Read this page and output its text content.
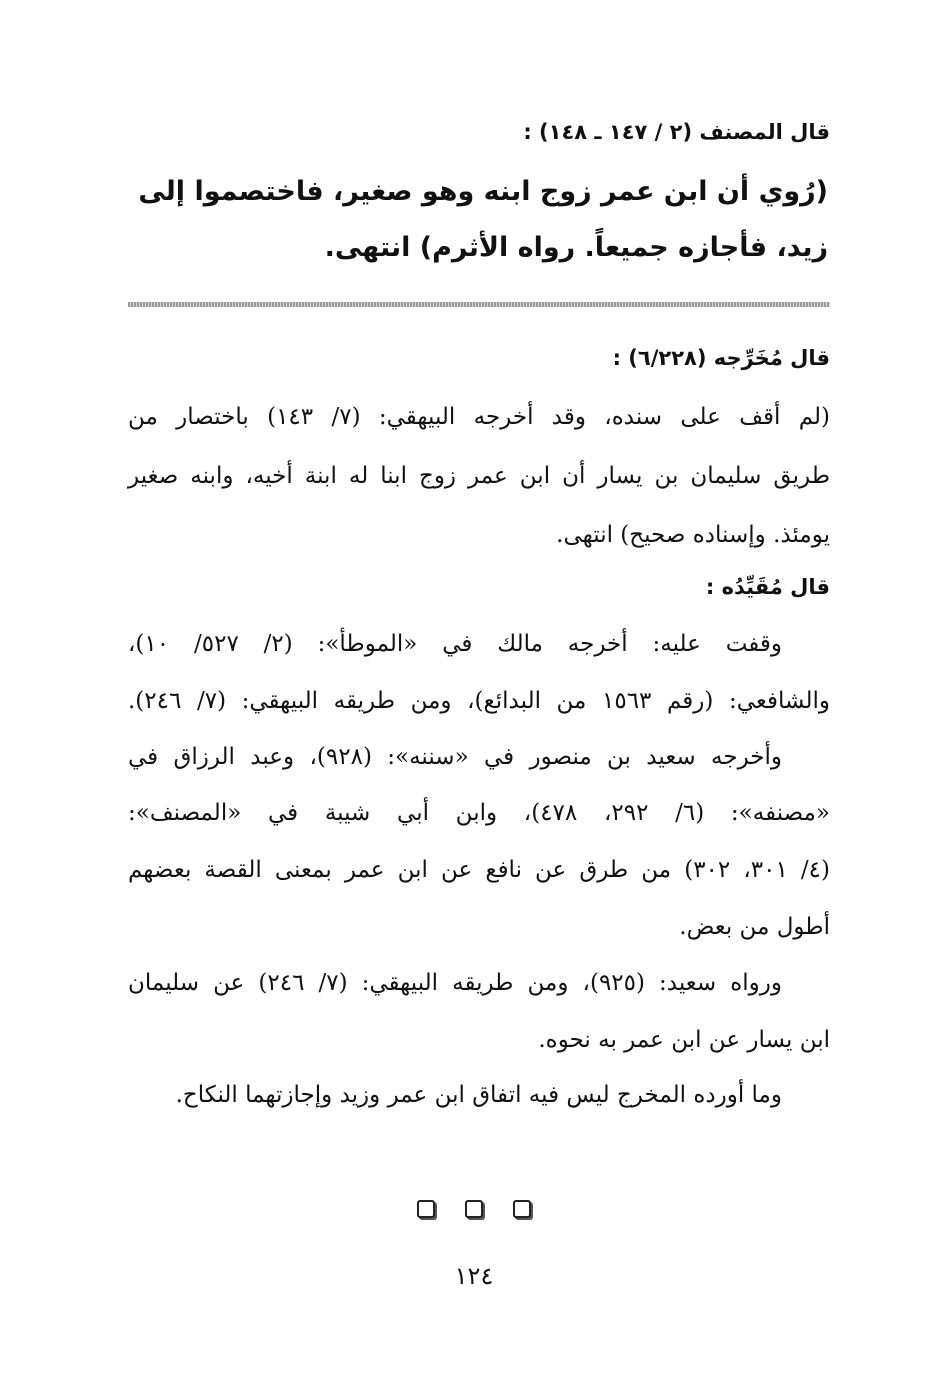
قال المصنف (٢ / ١٤٧ ـ ١٤٨) :
(رُوي أن ابن عمر زوج ابنه وهو صغير، فاختصموا إلى
زيد، فأجازه جميعاً. رواه الأثرم) انتهى.
قال مُخَرِّجه (٦/٢٢٨) :
(لم أقف على سنده، وقد أخرجه البيهقي: (٧/ ١٤٣) باختصار من
طريق سليمان بن يسار أن ابن عمر زوج ابنا له ابنة أخيه، وابنه صغير
يومئذ. وإسناده صحيح) انتهى.
قال مُقَيِّدُه :
وقفت عليه: أخرجه مالك في «الموطأ»: (٢/ ٥٢٧/ ١٠)،
والشافعي: (رقم ١٥٦٣ من البدائع)، ومن طريقه البيهقي: (٧/ ٢٤٦).
وأخرجه سعيد بن منصور في «سننه»: (٩٢٨)، وعبد الرزاق في
«مصنفه»: (٦/ ٢٩٢، ٤٧٨)، وابن أبي شيبة في «المصنف»:
(٤/ ٣٠١، ٣٠٢) من طرق عن نافع عن ابن عمر بمعنى القصة بعضهم
أطول من بعض.
ورواه سعيد: (٩٢٥)، ومن طريقه البيهقي: (٧/ ٢٤٦) عن سليمان
ابن يسار عن ابن عمر به نحوه.
وما أورده المخرج ليس فيه اتفاق ابن عمر وزيد وإجازتهما النكاح.
١٢٤
